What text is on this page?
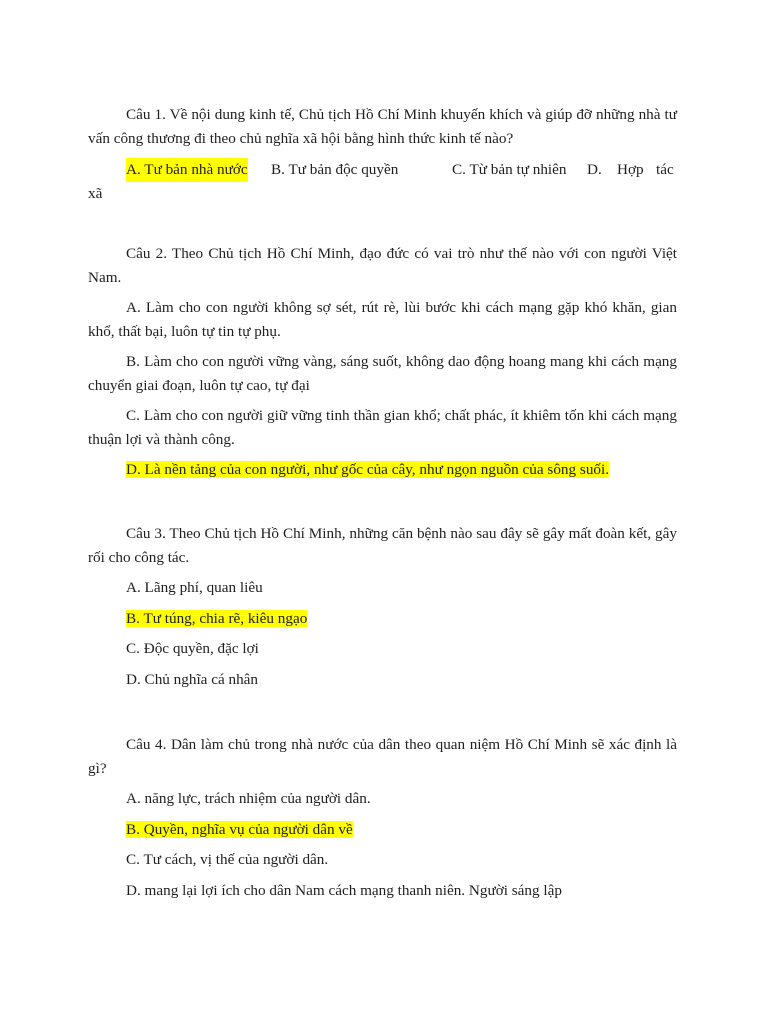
Câu 1. Về nội dung kinh tế, Chủ tịch Hồ Chí Minh khuyến khích và giúp đỡ những nhà tư vấn công thương đi theo chủ nghĩa xã hội bằng hình thức kinh tế nào?

A. Tư bản nhà nước B. Tư bản độc quyền	C. Từ bản tự nhiên D. Hợp tác

xã

Câu 2. Theo Chủ tịch Hồ Chí Minh, đạo đức có vai trò như thế nào với con người Việt Nam.

A. Làm cho con người không sợ sét, rút rè, lùi bước khi cách mạng gặp khó khăn, gian khổ, thất bại, luôn tự tin tự phụ.

B. Làm cho con người vững vàng, sáng suốt, không dao động hoang mang khi cách mạng chuyển giai đoạn, luôn tự cao, tự đại

C. Làm cho con người giữ vững tinh thần gian khổ; chất phác, ít khiêm tốn khi cách mạng thuận lợi và thành công.

D. Là nền tảng của con người, như gốc của cây, như ngọn nguồn của sông suối.

Câu 3. Theo Chủ tịch Hồ Chí Minh, những căn bệnh nào sau đây sẽ gây mất đoàn kết, gây rối cho công tác.

A. Lãng phí, quan liêu

B. Tư túng, chia rẽ, kiêu ngạo

C. Độc quyền, đặc lợi

D. Chủ nghĩa cá nhân

Câu 4. Dân làm chủ trong nhà nước của dân theo quan niệm Hồ Chí Minh sẽ xác định là gì?

A. năng lực, trách nhiệm của người dân.

B. Quyền, nghĩa vụ của người dân về

C. Tư cách, vị thế của người dân.

D. mang lại lợi ích cho dân Nam cách mạng thanh niên. Người sáng lập
